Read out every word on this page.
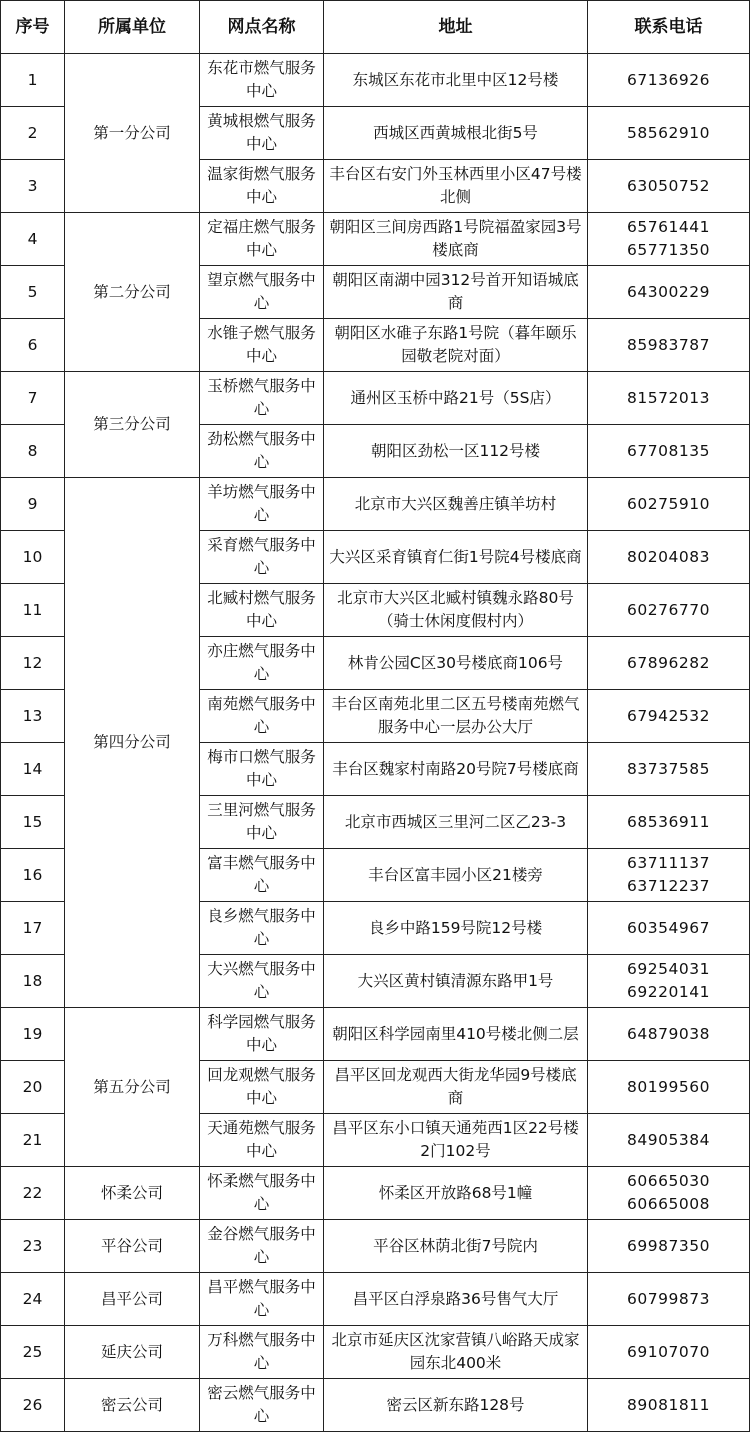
序号	所属单位	网点名称	地址	联系电话
1	第一分公司	东花市燃气服务中心	东城区东花市北里中区12号楼	67136926

2		黄城根燃气服务中心	西城区西黄城根北街5号	58562910

3		温家街燃气服务中心	丰台区右安门外玉林西里小区47号楼北侧	63050752

4	第二分公司	定福庄燃气服务中心	朝阳区三间房西路1号院福盈家园3号楼底商	65761441
65771350

5		望京燃气服务中心	朝阳区南湖中园312号首开知语城底商	64300229

6		水锥子燃气服务中心	朝阳区水碓子东路1号院（暮年颐乐园敬老院对面）	85983787

7	第三分公司	玉桥燃气服务中心	通州区玉桥中路21号（5S店）	81572013

8		劲松燃气服务中心	朝阳区劲松一区112号楼	67708135

9	第四分公司	羊坊燃气服务中心	北京市大兴区魏善庄镇羊坊村	60275910

10		采育燃气服务中心	大兴区采育镇育仁街1号院4号楼底商	80204083

11		北臧村燃气服务中心	北京市大兴区北臧村镇魏永路80号（骑士休闲度假村内）	60276770

12		亦庄燃气服务中心	林肯公园C区30号楼底商106号	67896282

13		南苑燃气服务中心	丰台区南苑北里二区五号楼南苑燃气服务中心一层办公大厅	67942532

14		梅市口燃气服务中心	丰台区魏家村南路20号院7号楼底商	83737585

15		三里河燃气服务中心	北京市西城区三里河二区乙23-3	68536911

16		富丰燃气服务中心	丰台区富丰园小区21楼旁	63711137
63712237

17		良乡燃气服务中心	良乡中路159号院12号楼	60354967

18		大兴燃气服务中心	大兴区黄村镇清源东路甲1号	69254031
69220141

19	第五分公司	科学园燃气服务中心	朝阳区科学园南里410号楼北侧二层	64879038

20		回龙观燃气服务中心	昌平区回龙观西大街龙华园9号楼底商	80199560

21		天通苑燃气服务中心	昌平区东小口镇天通苑西1区22号楼2门102号	84905384

22	怀柔公司	怀柔燃气服务中心	怀柔区开放路68号1幢	60665030
60665008

23	平谷公司	金谷燃气服务中心	平谷区林荫北街7号院内	69987350

24	昌平公司	昌平燃气服务中心	昌平区白浮泉路36号售气大厅	60799873

25	延庆公司	万科燃气服务中心	北京市延庆区沈家营镇八峪路天成家园东北400米	69107070

26	密云公司	密云燃气服务中心	密云区新东路128号	89081811
